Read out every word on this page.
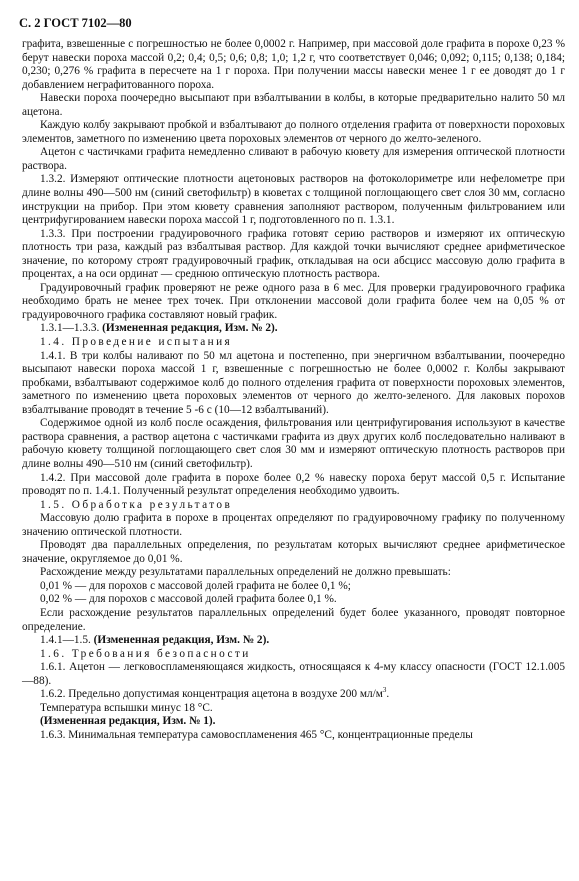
С. 2 ГОСТ 7102—80

графита, взвешенные с погрешностью не более 0,0002 г. Например, при массовой доле графита в порохе 0,23 % берут навески пороха массой 0,2; 0,4; 0,5; 0,6; 0,8; 1,0; 1,2 г, что соответствует 0,046; 0,092; 0,115; 0,138; 0,184; 0,230; 0,276 % графита в пересчете на 1 г пороха. При получении массы навески менее 1 г ее доводят до 1 г добавлением неграфитованного пороха.

Навески пороха поочередно высыпают при взбалтывании в колбы, в которые предварительно налито 50 мл ацетона.

Каждую колбу закрывают пробкой и взбалтывают до полного отделения графита от поверхности пороховых элементов, заметного по изменению цвета пороховых элементов от черного до желто-зеленого.

Ацетон с частичками графита немедленно сливают в рабочую кювету для измерения оптической плотности раствора.

1.3.2. Измеряют оптические плотности ацетоновых растворов на фотоколориметре или нефелометре при длине волны 490—500 нм (синий светофильтр) в кюветах с толщиной поглощающего свет слоя 30 мм, согласно инструкции на прибор. При этом кювету сравнения заполняют раствором, полученным фильтрованием или центрифугированием навески пороха массой 1 г, подготовленного по п. 1.3.1.

1.3.3. При построении градуировочного графика готовят серию растворов и измеряют их оптическую плотность три раза, каждый раз взбалтывая раствор. Для каждой точки вычисляют среднее арифметическое значение, по которому строят градуировочный график, откладывая на оси абсцисс массовую долю графита в процентах, а на оси ординат — среднюю оптическую плотность раствора.

Градуировочный график проверяют не реже одного раза в 6 мес. Для проверки градуировочного графика необходимо брать не менее трех точек. При отклонении массовой доли графита более чем на 0,05 % от градуировочного графика составляют новый график.

1.3.1—1.3.3. (Измененная редакция, Изм. № 2).

1.4. Проведение испытания

1.4.1. В три колбы наливают по 50 мл ацетона и постепенно, при энергичном взбалтывании, поочередно высыпают навески пороха массой 1 г, взвешенные с погрешностью не более 0,0002 г. Колбы закрывают пробками, взбалтывают содержимое колб до полного отделения графита от поверхности пороховых элементов, заметного по изменению цвета пороховых элементов от черного до желто-зеленого. Для лаковых порохов взбалтывание проводят в течение 5 -6 с (10—12 взбалтываний).

Содержимое одной из колб после осаждения, фильтрования или центрифугирования используют в качестве раствора сравнения, а раствор ацетона с частичками графита из двух других колб последовательно наливают в рабочую кювету толщиной поглощающего свет слоя 30 мм и измеряют оптическую плотность растворов при длине волны 490—510 нм (синий светофильтр).

1.4.2. При массовой доле графита в порохе более 0,2 % навеску пороха берут массой 0,5 г. Испытание проводят по п. 1.4.1. Полученный результат определения необходимо удвоить.

1.5. Обработка результатов

Массовую долю графита в порохе в процентах определяют по градуировочному графику по полученному значению оптической плотности.

Проводят два параллельных определения, по результатам которых вычисляют среднее арифметическое значение, округляемое до 0,01 %.

Расхождение между результатами параллельных определений не должно превышать:

0,01 % — для порохов с массовой долей графита не более 0,1 %;

0,02 % — для порохов с массовой долей графита более 0,1 %.

Если расхождение результатов параллельных определений будет более указанного, проводят повторное определение.

1.4.1—1.5. (Измененная редакция, Изм. № 2).

1.6. Требования безопасности

1.6.1. Ацетон — легковоспламеняющаяся жидкость, относящаяся к 4-му классу опасности (ГОСТ 12.1.005—88).

1.6.2. Предельно допустимая концентрация ацетона в воздухе 200 $мл/м^3$.

Температура вспышки минус 18 °С.

(Измененная редакция, Изм. № 1).

1.6.3. Минимальная температура самовоспламенения 465 °С, концентрационные пределы
